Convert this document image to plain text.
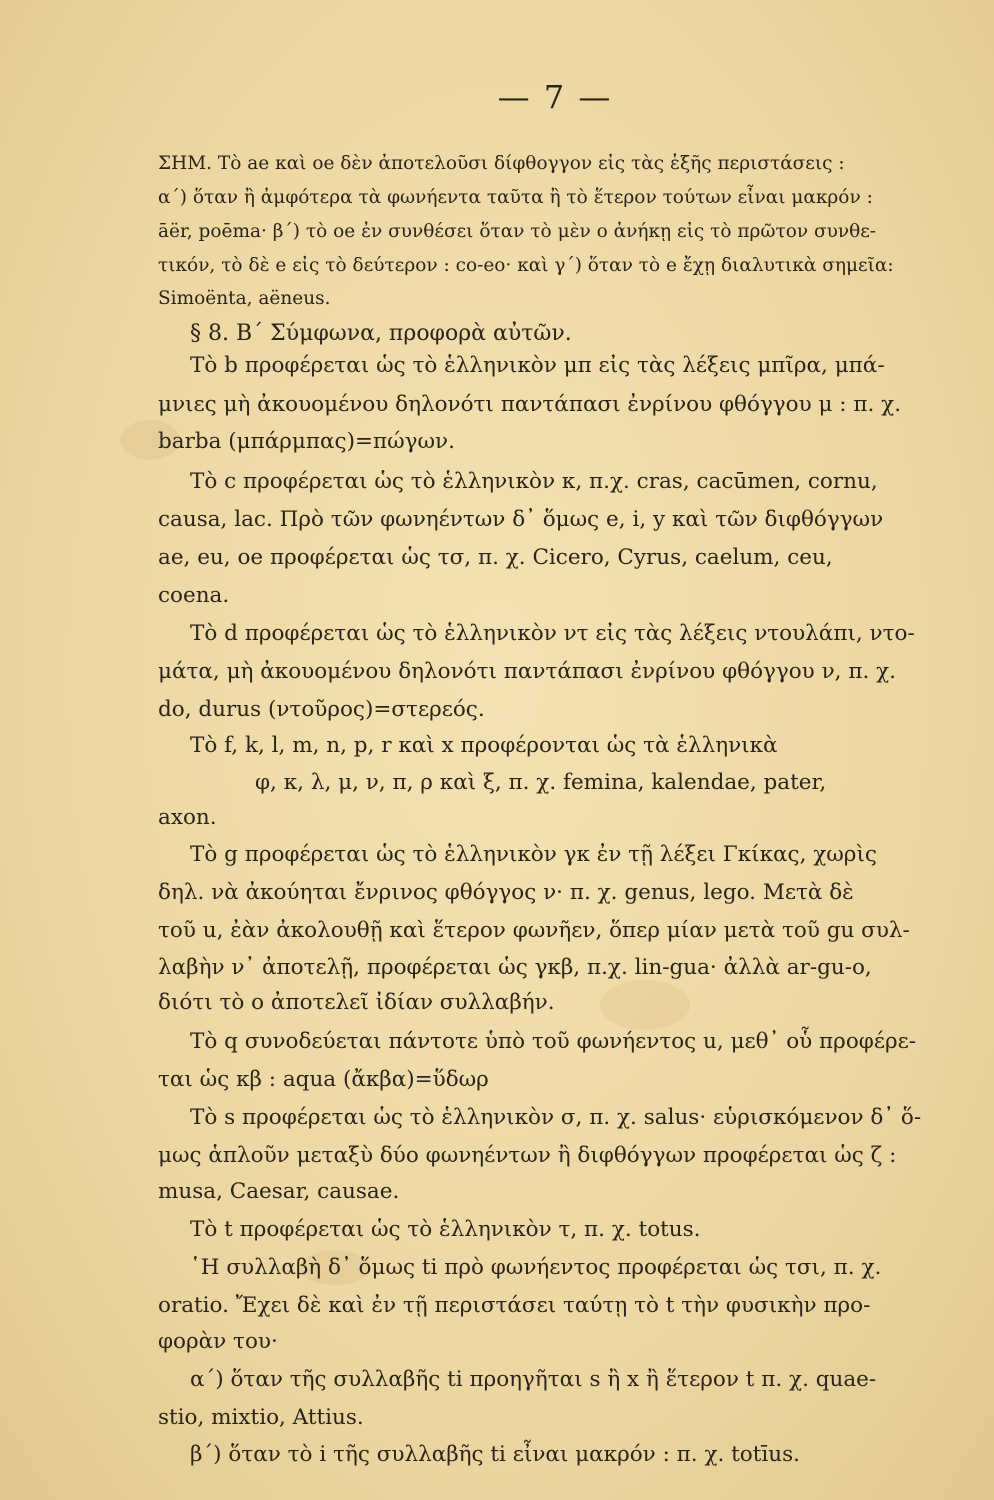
— 7 —
ΣΗΜ. Τὸ ae καὶ oe δὲν ἀποτελοῦσι δίφθογγον εἰς τὰς ἑξῆς περιστάσεις :
α΄) ὅταν ἢ ἀμφότερα τὰ φωνήεντα ταῦτα ἢ τὸ ἕτερον τούτων εἶναι μακρόν :
āër, poēma· β΄) τὸ oe ἐν συνθέσει ὅταν τὸ μὲν o ἀνήκῃ εἰς τὸ πρῶτον συνθε-
τικόν, τὸ δὲ e εἰς τὸ δεύτερον : co-eo· καὶ γ΄) ὅταν τὸ e ἔχῃ διαλυτικὰ σημεῖα:
Simoënta, aëneus.
§ 8. Β΄ Σύμφωνα, προφορὰ αὐτῶν.
Τὸ b προφέρεται ὡς τὸ ἑλληνικὸν μπ εἰς τὰς λέξεις μπῖρα, μπά-
μνιες μὴ ἀκουομένου δηλονότι παντάπασι ἐνρίνου φθόγγου μ : π. χ.
barba (μπάρμπας)=πώγων.
Τὸ c προφέρεται ὡς τὸ ἑλληνικὸν κ, π.χ. cras, cacūmen, cornu,
causa, lac. Πρὸ τῶν φωνηέντων δ᾽ ὅμως e, i, y καὶ τῶν διφθόγγων
ae, eu, oe προφέρεται ὡς τσ, π. χ. Cicero, Cyrus, caelum, ceu,
coena.
Τὸ d προφέρεται ὡς τὸ ἑλληνικὸν ντ εἰς τὰς λέξεις ντουλάπι, ντο-
μάτα, μὴ ἀκουομένου δηλονότι παντάπασι ἐνρίνου φθόγγου ν, π. χ.
do, durus (ντοῦρος)=στερεός.
Τὸ f, k, l, m, n, p, r καὶ x προφέρονται ὡς τὰ ἑλληνικὰ
φ, κ, λ, μ, ν, π, ρ καὶ ξ, π. χ. femina, kalendae, pater,
axon.
Τὸ g προφέρεται ὡς τὸ ἑλληνικὸν γκ ἐν τῇ λέξει Γκίκας, χωρὶς
δηλ. νὰ ἀκούηται ἔνρινος φθόγγος ν· π. χ. genus, lego. Μετὰ δὲ
τοῦ u, ἐὰν ἀκολουθῇ καὶ ἕτερον φωνῆεν, ὅπερ μίαν μετὰ τοῦ gu συλ-
λαβὴν ν᾽ ἀποτελῇ, προφέρεται ὡς γκβ, π.χ. lin-gua· ἀλλὰ ar-gu-o,
διότι τὸ o ἀποτελεῖ ἰδίαν συλλαβήν.
Τὸ q συνοδεύεται πάντοτε ὑπὸ τοῦ φωνήεντος u, μεθ᾽ οὗ προφέρε-
ται ὡς κβ : aqua (ἄκβα)=ὕδωρ
Τὸ s προφέρεται ὡς τὸ ἑλληνικὸν σ, π. χ. salus· εὑρισκόμενον δ᾽ ὅ-
μως ἁπλοῦν μεταξὺ δύο φωνηέντων ἢ διφθόγγων προφέρεται ὡς ζ :
musa, Caesar, causae.
Τὸ t προφέρεται ὡς τὸ ἑλληνικὸν τ, π. χ. totus.
῾Η συλλαβὴ δ᾽ ὅμως ti πρὸ φωνήεντος προφέρεται ὡς τσι, π. χ.
oratio. Ἔχει δὲ καὶ ἐν τῇ περιστάσει ταύτῃ τὸ t τὴν φυσικὴν προ-
φορὰν του·
α΄) ὅταν τῆς συλλαβῆς ti προηγῆται s ἢ x ἢ ἕτερον t π. χ. quae-
stio, mixtio, Attius.
β΄) ὅταν τὸ i τῆς συλλαβῆς ti εἶναι μακρόν : π. χ. totīus.
